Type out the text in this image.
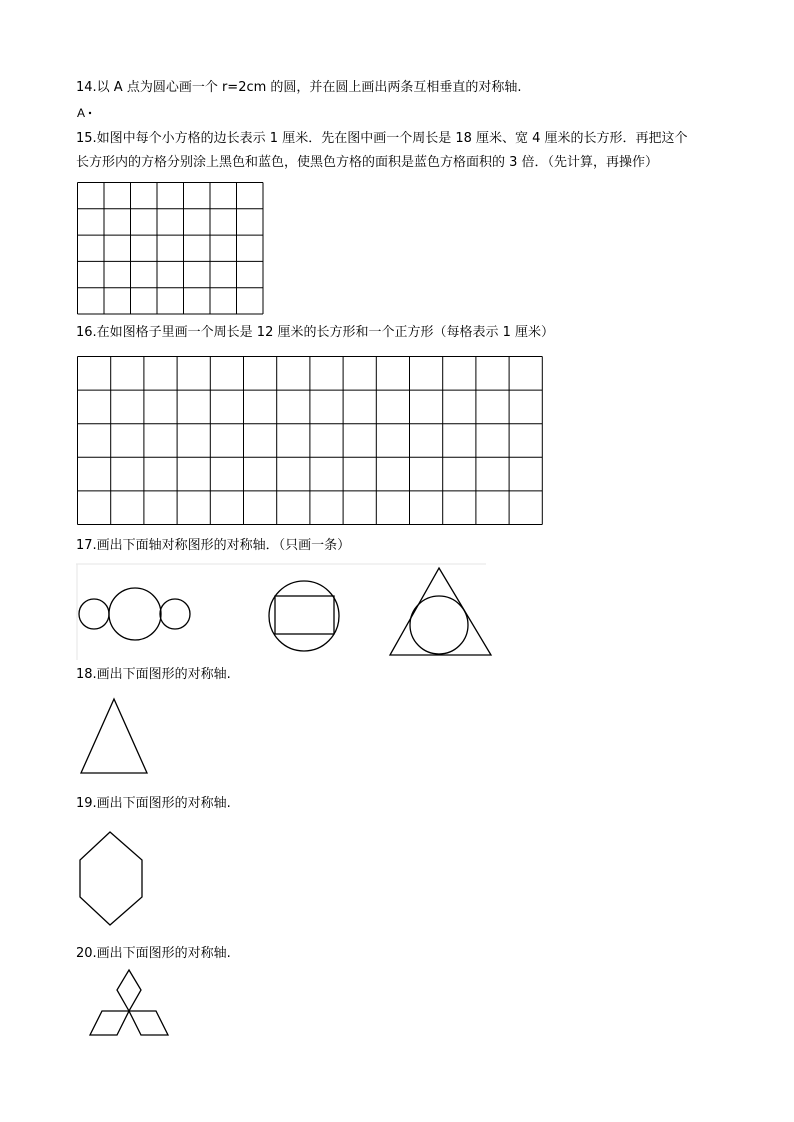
14.以 A 点为圆心画一个 r=2cm 的圆，并在圆上画出两条互相垂直的对称轴.
A
15.如图中每个小方格的边长表示 1 厘米．先在图中画一个周长是 18 厘米、宽 4 厘米的长方形．再把这个
长方形内的方格分别涂上黑色和蓝色，使黑色方格的面积是蓝色方格面积的 3 倍．（先计算，再操作）
16.在如图格子里画一个周长是 12 厘米的长方形和一个正方形（每格表示 1 厘米）
17.画出下面轴对称图形的对称轴．（只画一条）
18.画出下面图形的对称轴.
19.画出下面图形的对称轴.
20.画出下面图形的对称轴.
